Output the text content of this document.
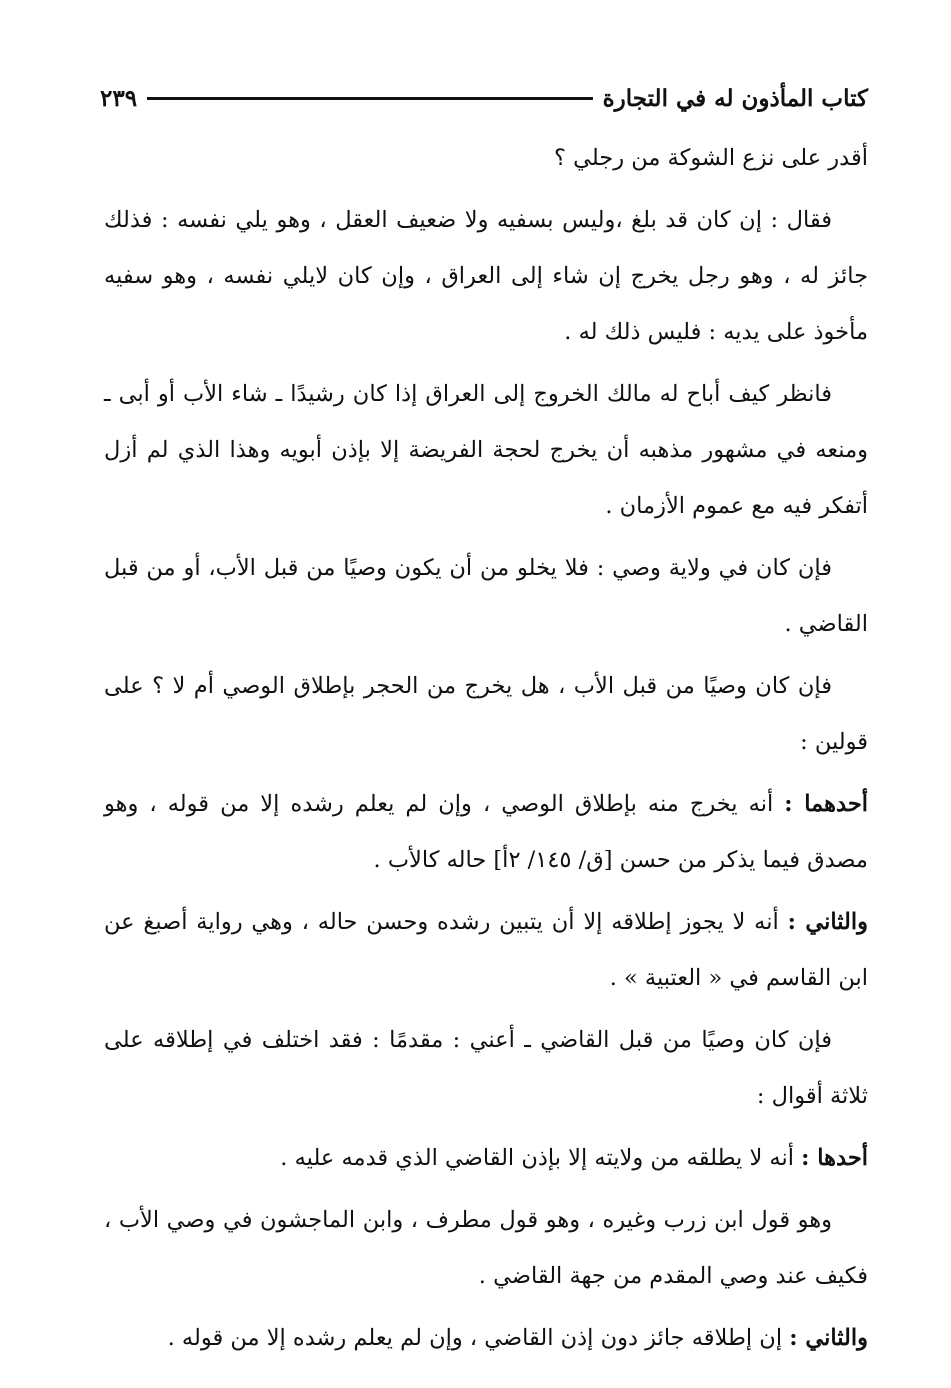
كتاب المأذون له في التجارة
٢٣٩

أقدر على نزع الشوكة من رجلي ؟

فقال : إن كان قد بلغ ،وليس بسفيه ولا ضعيف العقل ، وهو يلي نفسه : فذلك جائز له ، وهو رجل يخرج إن شاء إلى العراق ، وإن كان لايلي نفسه ، وهو سفيه مأخوذ على يديه : فليس ذلك له .

فانظر كيف أباح له مالك الخروج إلى العراق إذا كان رشيدًا ـ شاء الأب أو أبى ـ ومنعه في مشهور مذهبه أن يخرج لحجة الفريضة إلا بإذن أبويه وهذا الذي لم أزل أتفكر فيه مع عموم الأزمان .

فإن كان في ولاية وصي : فلا يخلو من أن يكون وصيًا من قبل الأب، أو من قبل القاضي .

فإن كان وصيًا من قبل الأب ، هل يخرج من الحجر بإطلاق الوصي أم لا ؟ على قولين :

أحدهما : أنه يخرج منه بإطلاق الوصي ، وإن لم يعلم رشده إلا من قوله ، وهو مصدق فيما يذكر من حسن [ق/ ١٤٥/ ٢أ] حاله كالأب .

والثاني : أنه لا يجوز إطلاقه إلا أن يتبين رشده وحسن حاله ، وهي رواية أصبغ عن ابن القاسم في « العتبية » .

فإن كان وصيًا من قبل القاضي ـ أعني : مقدمًا : فقد اختلف في إطلاقه على ثلاثة أقوال :

أحدها : أنه لا يطلقه من ولايته إلا بإذن القاضي الذي قدمه عليه .

وهو قول ابن زرب وغيره ، وهو قول مطرف ، وابن الماجشون في وصي الأب ، فكيف عند وصي المقدم من جهة القاضي .

والثاني : إن إطلاقه جائز دون إذن القاضي ، وإن لم يعلم رشده إلا من قوله .
